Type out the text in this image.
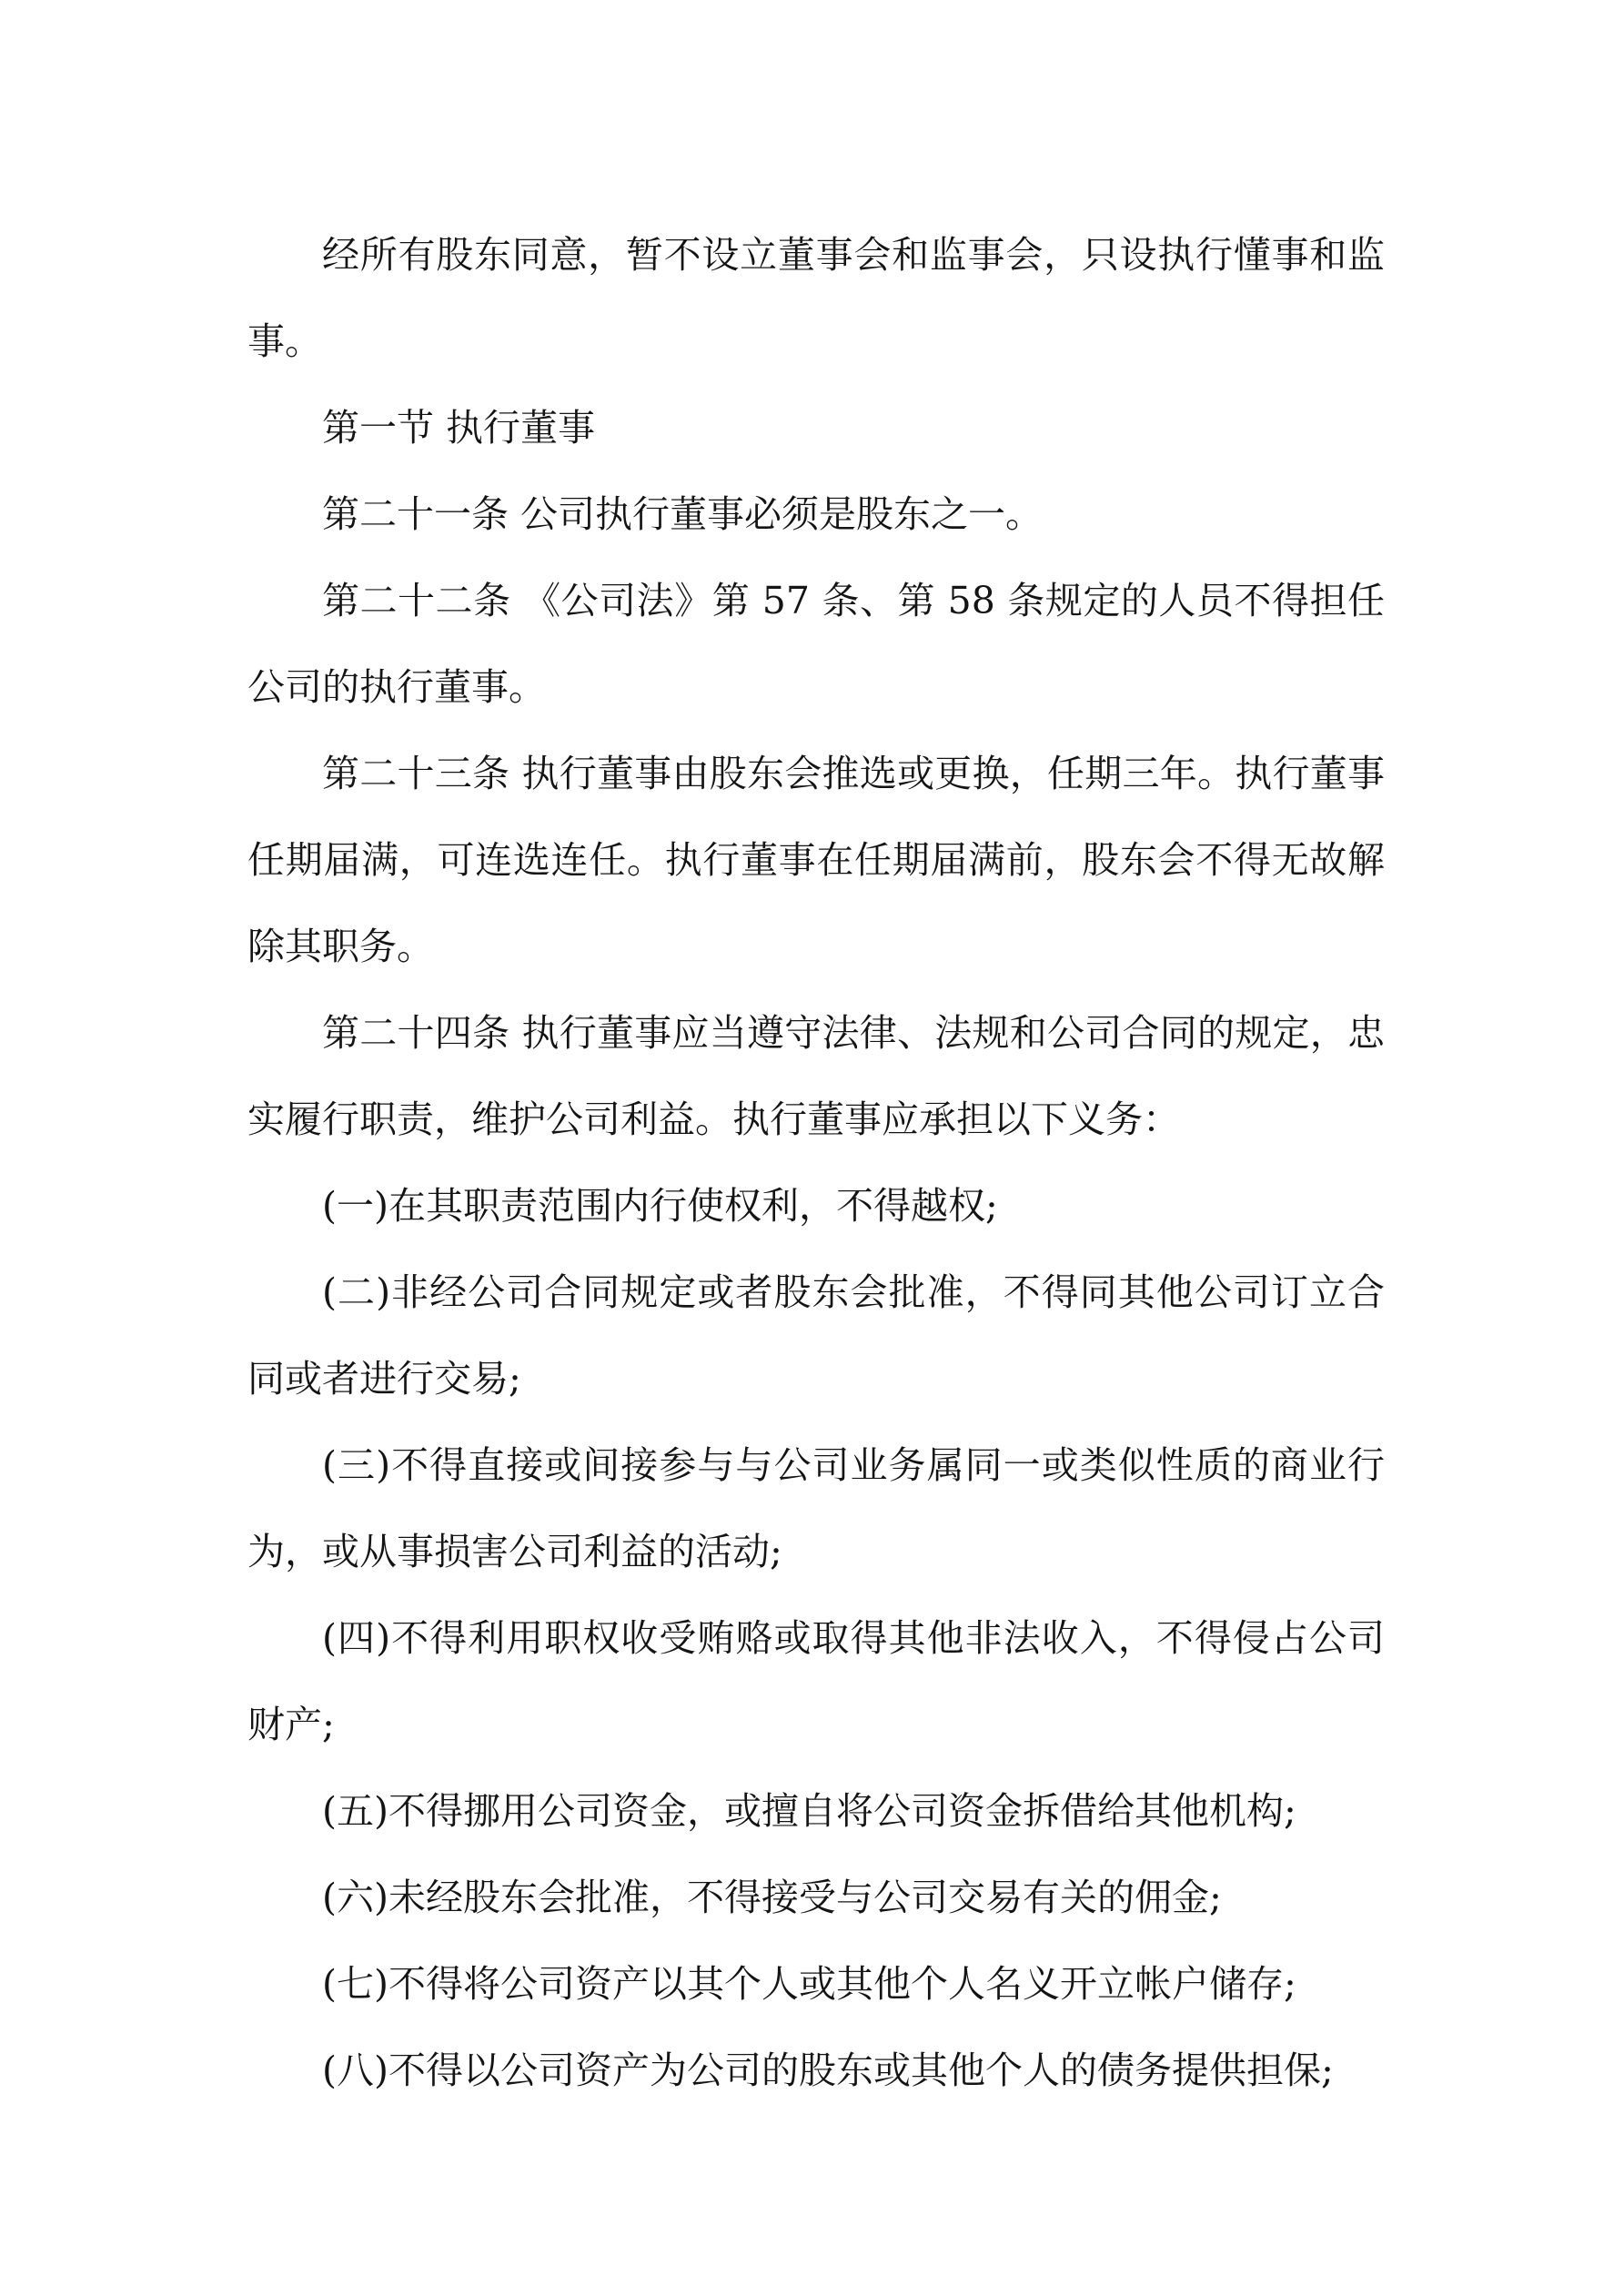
经所有股东同意，暂不设立董事会和监事会，只设执行懂事和监事。

第一节 执行董事

第二十一条 公司执行董事必须是股东之一。

第二十二条 《公司法》第 57 条、第 58 条规定的人员不得担任公司的执行董事。

第二十三条 执行董事由股东会推选或更换，任期三年。执行董事任期届满，可连选连任。执行董事在任期届满前，股东会不得无故解除其职务。

第二十四条 执行董事应当遵守法律、法规和公司合同的规定，忠实履行职责，维护公司利益。执行董事应承担以下义务：

(一)在其职责范围内行使权利，不得越权;

(二)非经公司合同规定或者股东会批准，不得同其他公司订立合同或者进行交易;

(三)不得直接或间接参与与公司业务属同一或类似性质的商业行为，或从事损害公司利益的活动;

(四)不得利用职权收受贿赂或取得其他非法收入，不得侵占公司财产;

(五)不得挪用公司资金，或擅自将公司资金拆借给其他机构;

(六)未经股东会批准，不得接受与公司交易有关的佣金;

(七)不得将公司资产以其个人或其他个人名义开立帐户储存;

(八)不得以公司资产为公司的股东或其他个人的债务提供担保;
